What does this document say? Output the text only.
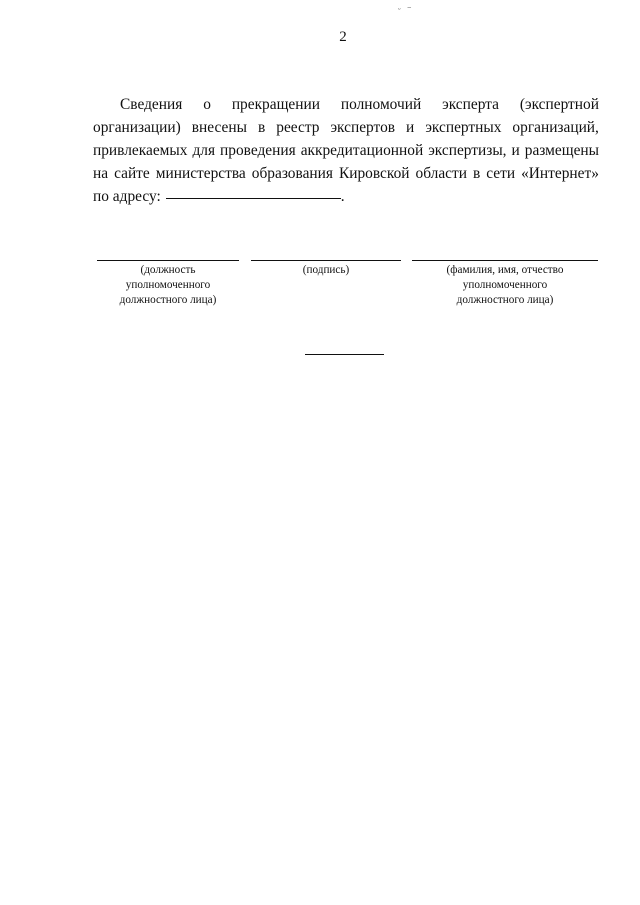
ᵕ ⁻
2
Сведения о прекращении полномочий эксперта (экспертной
организации) внесены в реестр экспертов и экспертных организаций,
привлекаемых для проведения аккредитационной экспертизы, и размещены
на сайте министерства образования Кировской области в сети «Интернет»
по адресу:	.
(должность
уполномоченного
должностного лица)
(подпись)	(фамилия, имя, отчество
уполномоченного
должностного лица)
